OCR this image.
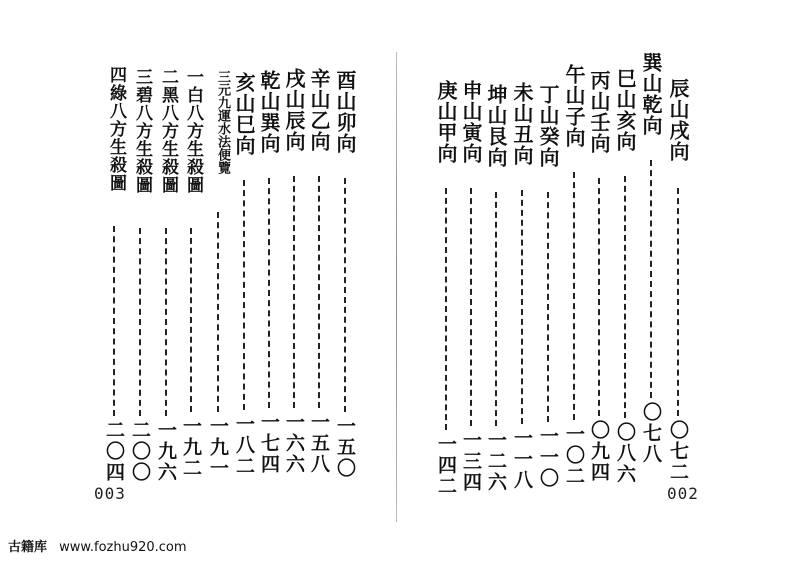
辰山戌向
〇七二
巽山乾向
〇七八
巳山亥向
〇八六
丙山壬向
〇九四
午山子向
一〇二
丁山癸向
一一〇
未山丑向
一一八
坤山艮向
一二六
申山寅向
一三四
庚山甲向
一四二	002
酉山卯向
一五〇
辛山乙向
一五八
戌山辰向
一六六
乾山巽向
一七四
亥山巳向
一八二
三元九運水法便覽
一九一
一白八方生殺圖
一九二
二黑八方生殺圖
一九六
三碧八方生殺圖
二〇〇
四綠八方生殺圖
二〇四
003
古籍库 www.fozhu920.com
